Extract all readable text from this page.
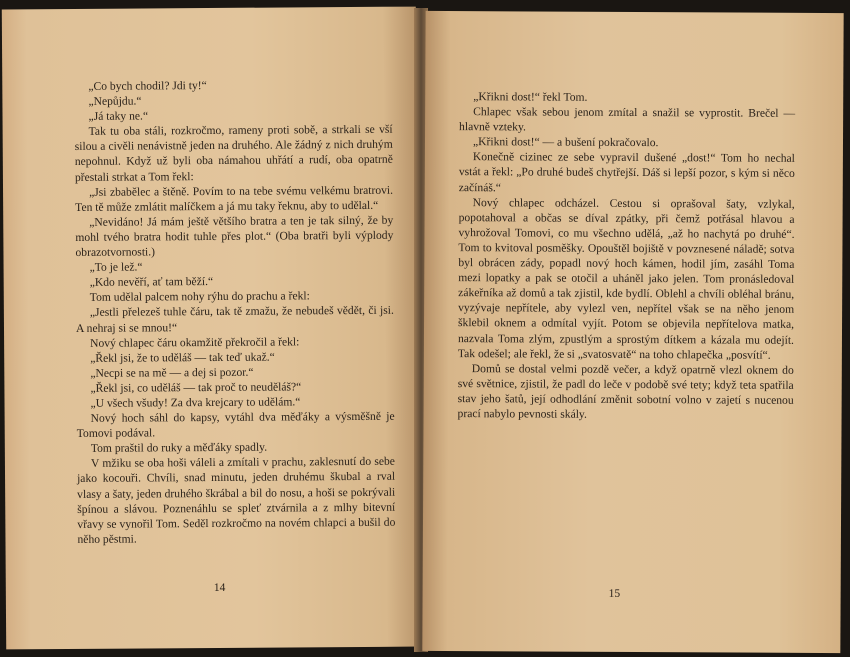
„Co bych chodil? Jdi ty!“

„Nepůjdu.“

„Já taky ne.“

Tak tu oba stáli, rozkročmo, rameny proti sobě, a strkali se vší silou a civěli nenávistně jeden na druhého. Ale žádný z nich druhým nepohnul. Když už byli oba námahou uhřátí a rudí, oba opatrně přestali strkat a Tom řekl:

„Jsi zbabělec a štěně. Povím to na tebe svému velkému bratrovi. Ten tě může zmlátit malíčkem a já mu taky řeknu, aby to udělal.“

„Nevidáno! Já mám ještě většího bratra a ten je tak silný, že by mohl tvého bratra hodit tuhle přes plot.“ (Oba bratři byli výplody obrazotvornosti.)

„To je lež.“

„Kdo nevěří, ať tam běží.“

Tom udělal palcem nohy rýhu do prachu a řekl:

„Jestli přelezeš tuhle čáru, tak tě zmažu, že nebudeš vědět, či jsi. A nehraj si se mnou!“

Nový chlapec čáru okamžitě překročil a řekl:

„Řekl jsi, že to uděláš — tak teď ukaž.“

„Necpi se na mě — a dej si pozor.“

„Řekl jsi, co uděláš — tak proč to neuděláš?“

„U všech všudy! Za dva krejcary to udělám.“

Nový hoch sáhl do kapsy, vytáhl dva měďáky a výsměšně je Tomovi podával.

Tom praštil do ruky a měďáky spadly.

V mžiku se oba hoši váleli a zmítali v prachu, zaklesnutí do sebe jako kocouři. Chvíli, snad minutu, jeden druhému škubal a rval vlasy a šaty, jeden druhého škrábal a bil do nosu, a hoši se pokrývali špínou a slávou. Poznenáhlu se spleť ztvárnila a z mlhy bitevní vřavy se vynořil Tom. Seděl rozkročmo na novém chlapci a bušil do něho pěstmi.

14

„Křikni dost!“ řekl Tom.

Chlapec však sebou jenom zmítal a snažil se vyprostit. Brečel — hlavně vzteky.

„Křikni dost!“ — a bušení pokračovalo.

Konečně cizinec ze sebe vypravil dušené „dost!“ Tom ho nechal vstát a řekl: „Po druhé budeš chytřejší. Dáš si lepší pozor, s kým si něco začínáš.“

Nový chlapec odcházel. Cestou si oprašoval šaty, vzlykal, popotahoval a občas se díval zpátky, při čemž potřásal hlavou a vyhrožoval Tomovi, co mu všechno udělá, „až ho nachytá po druhé“. Tom to kvitoval posměšky. Opouštěl bojiště v povznesené náladě; sotva byl obrácen zády, popadl nový hoch kámen, hodil jím, zasáhl Toma mezi lopatky a pak se otočil a uháněl jako jelen. Tom pronásledoval zákeřníka až domů a tak zjistil, kde bydlí. Oblehl a chvíli obléhal bránu, vyzývaje nepřítele, aby vylezl ven, nepřítel však se na něho jenom šklebil oknem a odmítal vyjít. Potom se objevila nepřítelova matka, nazvala Toma zlým, zpustlým a sprostým dítkem a kázala mu odejít. Tak odešel; ale řekl, že si „svatosvatě“ na toho chlapečka „posvítí“.

Domů se dostal velmi pozdě večer, a když opatrně vlezl oknem do své světnice, zjistil, že padl do leče v podobě své tety; když teta spatřila stav jeho šatů, její odhodlání změnit sobotní volno v zajetí s nucenou prací nabylo pevnosti skály.

15
